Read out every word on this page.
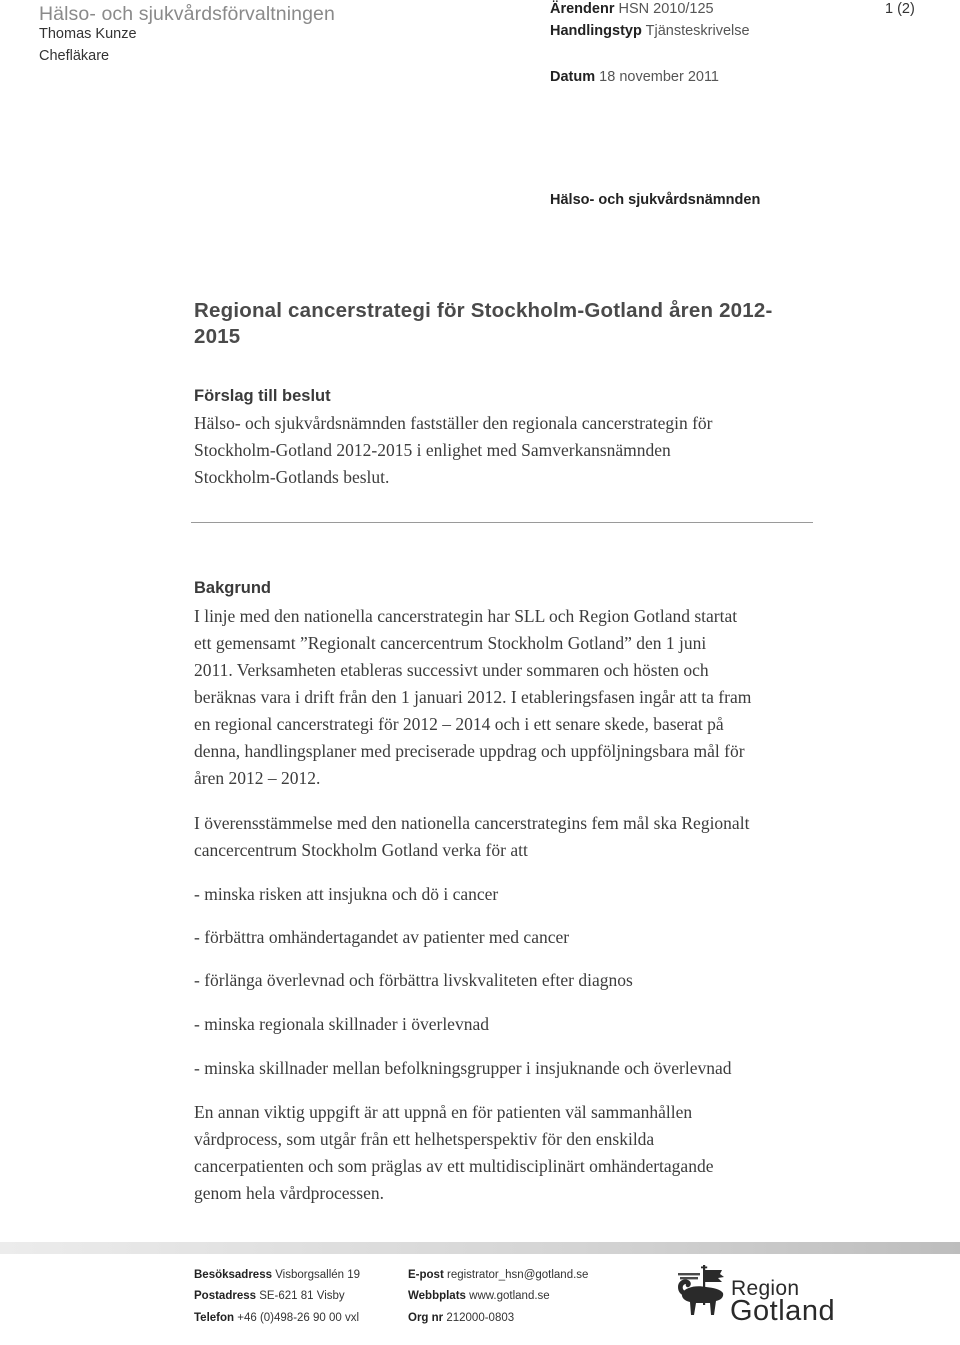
Hälso- och sjukvårdsförvaltningen
Thomas Kunze
Chefläkare
Ärendenr HSN 2010/125
Handlingstyp Tjänsteskrivelse
Datum 18 november 2011
1 (2)
Hälso- och sjukvårdsnämnden
Regional cancerstrategi för Stockholm-Gotland åren 2012-2015
Förslag till beslut
Hälso- och sjukvårdsnämnden fastställer den regionala cancerstrategin för
Stockholm-Gotland 2012-2015 i enlighet med Samverkansnämnden
Stockholm-Gotlands beslut.
Bakgrund
I linje med den nationella cancerstrategin har SLL och Region Gotland startat
ett gemensamt ”Regionalt cancercentrum Stockholm Gotland” den 1 juni
2011. Verksamheten etableras successivt under sommaren och hösten och
beräknas vara i drift från den 1 januari 2012. I etableringsfasen ingår att ta fram
en regional cancerstrategi för 2012 – 2014 och i ett senare skede, baserat på
denna, handlingsplaner med preciserade uppdrag och uppföljningsbara mål för
åren 2012 – 2012.
I överensstämmelse med den nationella cancerstrategins fem mål ska Regionalt
cancercentrum Stockholm Gotland verka för att
- minska risken att insjukna och dö i cancer
- förbättra omhändertagandet av patienter med cancer
- förlänga överlevnad och förbättra livskvaliteten efter diagnos
- minska regionala skillnader i överlevnad
- minska skillnader mellan befolkningsgrupper i insjuknande och överlevnad
En annan viktig uppgift är att uppnå en för patienten väl sammanhållen
vårdprocess, som utgår från ett helhetsperspektiv för den enskilda
cancerpatienten och som präglas av ett multidisciplinärt omhändertagande
genom hela vårdprocessen.
Besöksadress Visborgsallén 19
Postadress SE-621 81 Visby
Telefon +46 (0)498-26 90 00 vxl
E-post registrator_hsn@gotland.se
Webbplats www.gotland.se
Org nr 212000-0803
Region
Gotland
